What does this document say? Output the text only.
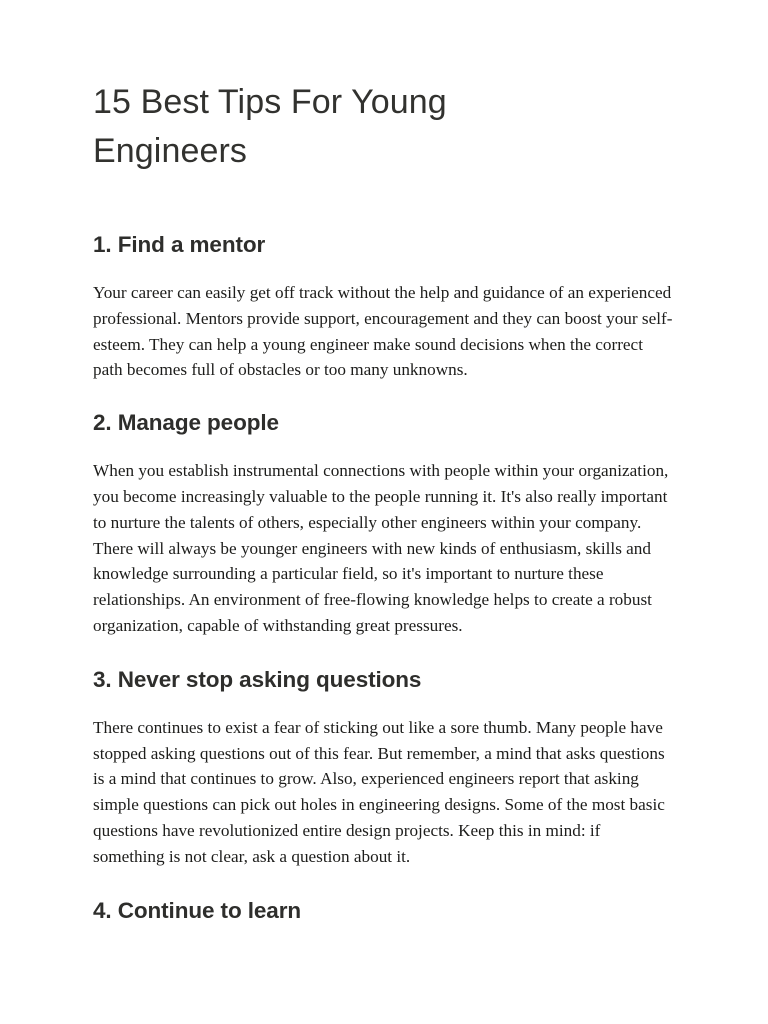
15 Best Tips For Young Engineers
1. Find a mentor

Your career can easily get off track without the help and guidance of an experienced professional. Mentors provide support, encouragement and they can boost your self-esteem. They can help a young engineer make sound decisions when the correct path becomes full of obstacles or too many unknowns.

2. Manage people

When you establish instrumental connections with people within your organization, you become increasingly valuable to the people running it. It's also really important to nurture the talents of others, especially other engineers within your company. There will always be younger engineers with new kinds of enthusiasm, skills and knowledge surrounding a particular field, so it's important to nurture these relationships. An environment of free-flowing knowledge helps to create a robust organization, capable of withstanding great pressures.

3. Never stop asking questions

There continues to exist a fear of sticking out like a sore thumb. Many people have stopped asking questions out of this fear. But remember, a mind that asks questions is a mind that continues to grow. Also, experienced engineers report that asking simple questions can pick out holes in engineering designs. Some of the most basic questions have revolutionized entire design projects. Keep this in mind: if something is not clear, ask a question about it.

4. Continue to learn
